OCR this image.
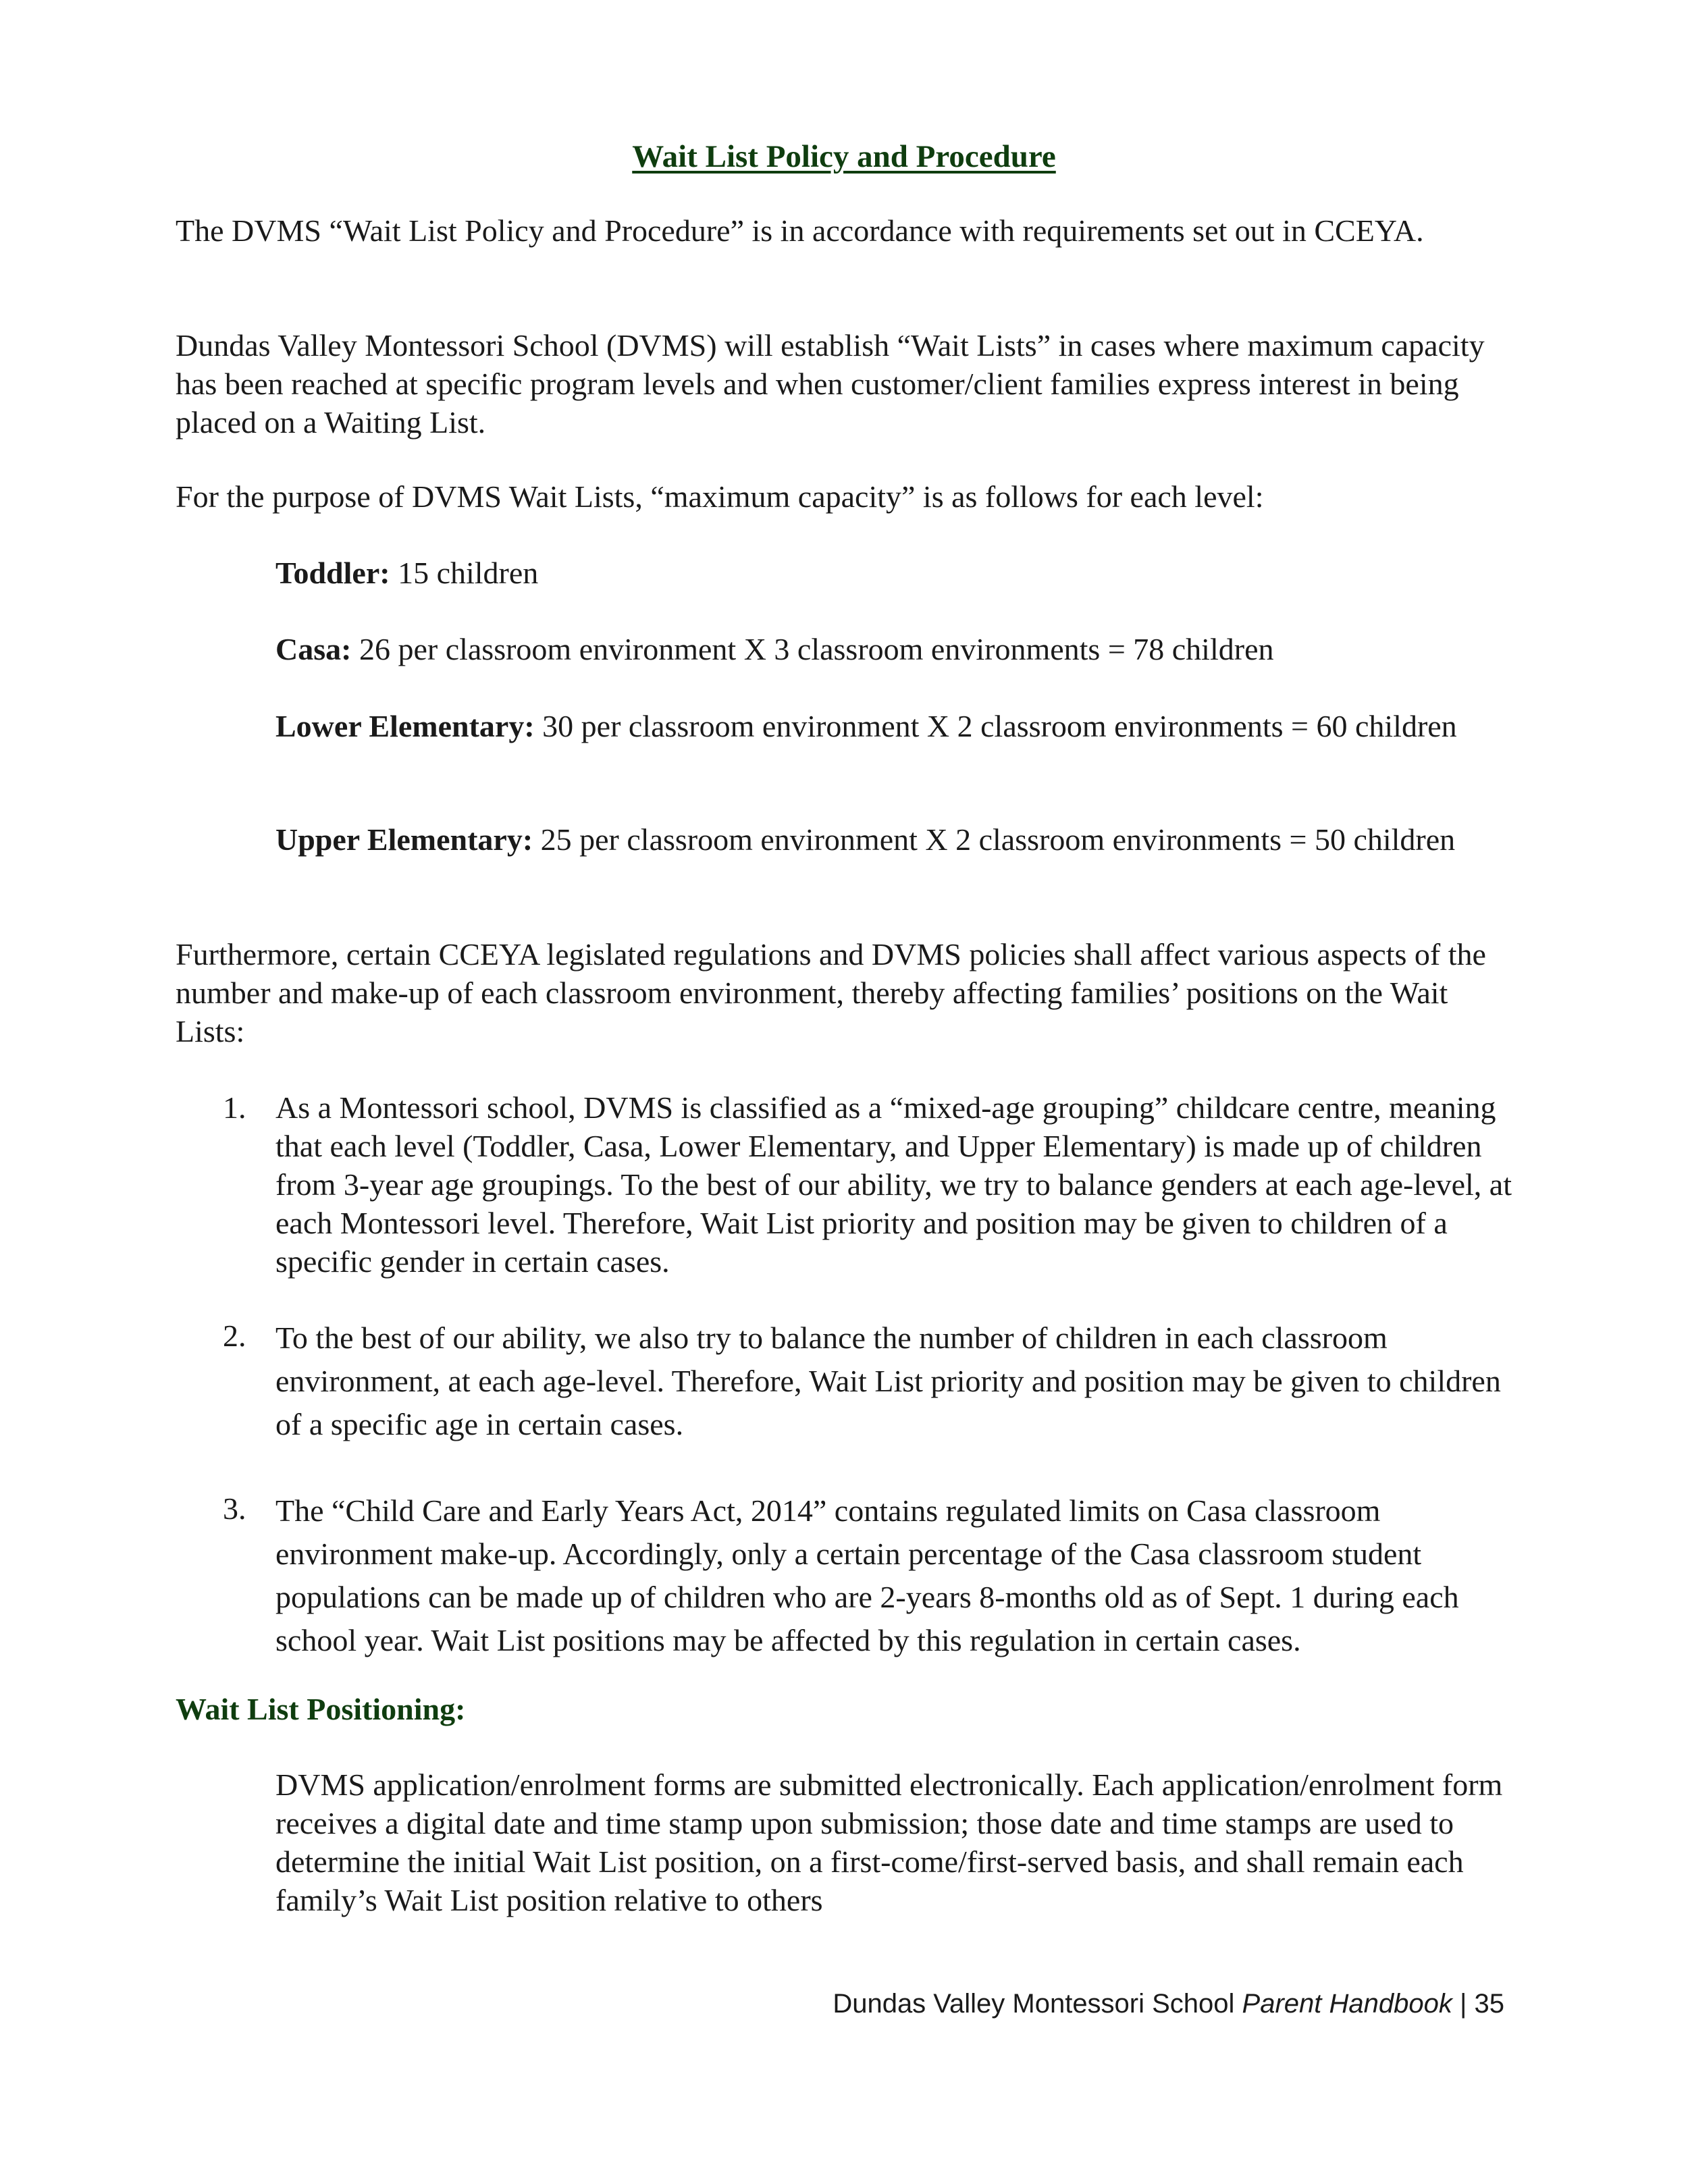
Wait List Policy and Procedure

The DVMS “Wait List Policy and Procedure” is in accordance with requirements set out in CCEYA.

Dundas Valley Montessori School (DVMS) will establish “Wait Lists” in cases where maximum capacity has been reached at specific program levels and when customer/client families express interest in being placed on a Waiting List.

For the purpose of DVMS Wait Lists, “maximum capacity” is as follows for each level:

Toddler: 15 children

Casa: 26 per classroom environment X 3 classroom environments = 78 children

Lower Elementary: 30 per classroom environment X 2 classroom environments = 60 children

Upper Elementary: 25 per classroom environment X 2 classroom environments = 50 children

Furthermore, certain CCEYA legislated regulations and DVMS policies shall affect various aspects of the number and make-up of each classroom environment, thereby affecting families’ positions on the Wait Lists:

1. As a Montessori school, DVMS is classified as a “mixed-age grouping” childcare centre, meaning that each level (Toddler, Casa, Lower Elementary, and Upper Elementary) is made up of children from 3-year age groupings. To the best of our ability, we try to balance genders at each age-level, at each Montessori level. Therefore, Wait List priority and position may be given to children of a specific gender in certain cases.
2. To the best of our ability, we also try to balance the number of children in each classroom environment, at each age-level. Therefore, Wait List priority and position may be given to children of a specific age in certain cases.
3. The “Child Care and Early Years Act, 2014” contains regulated limits on Casa classroom environment make-up. Accordingly, only a certain percentage of the Casa classroom student populations can be made up of children who are 2-years 8-months old as of Sept. 1 during each school year. Wait List positions may be affected by this regulation in certain cases.
Wait List Positioning:

DVMS application/enrolment forms are submitted electronically. Each application/enrolment form receives a digital date and time stamp upon submission; those date and time stamps are used to determine the initial Wait List position, on a first-come/first-served basis, and shall remain each family’s Wait List position relative to others

Dundas Valley Montessori School Parent Handbook | 35
